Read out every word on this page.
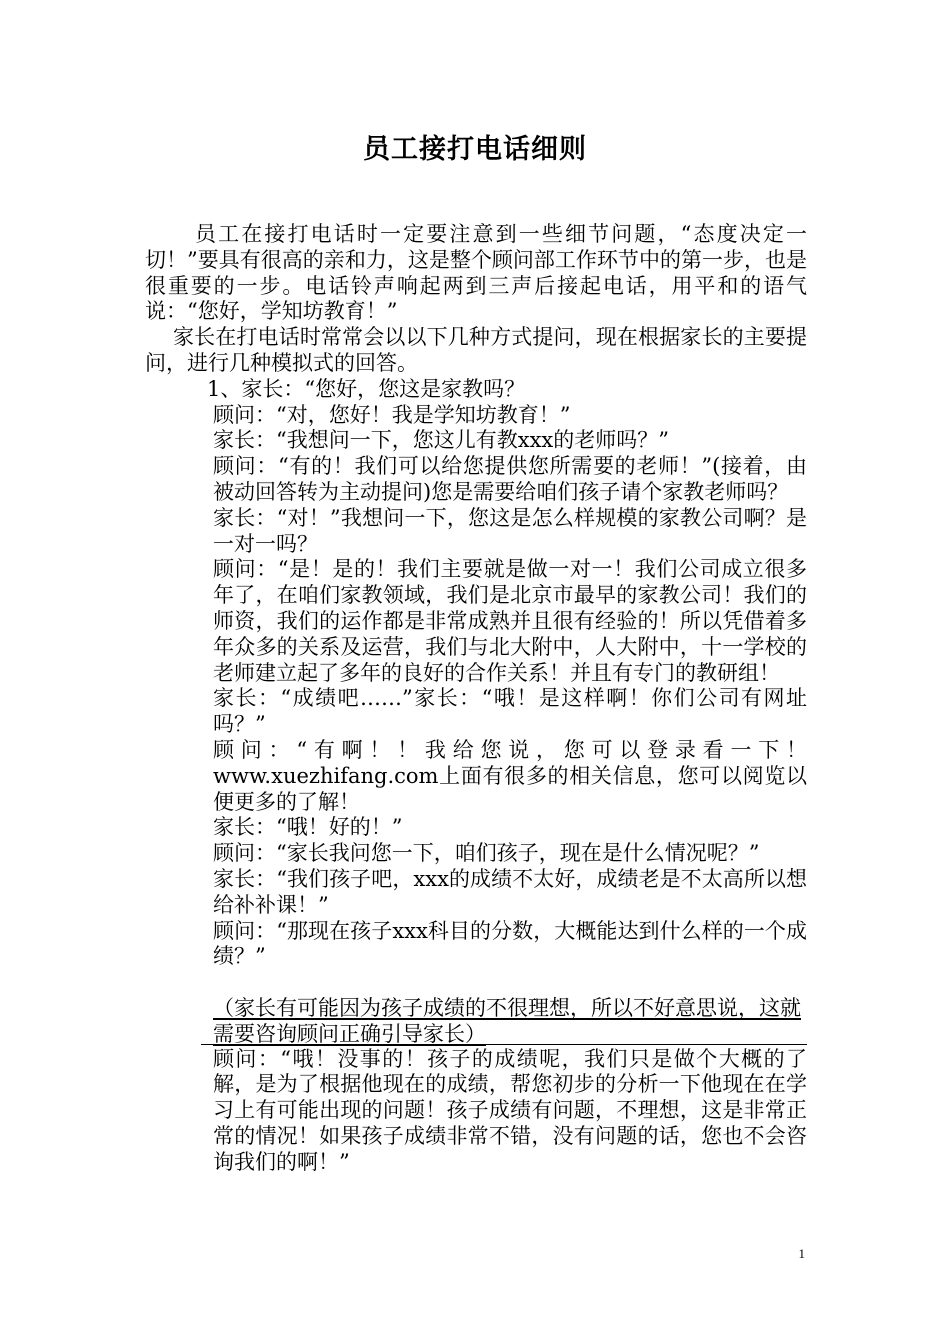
员工接打电话细则

员工在接打电话时一定要注意到一些细节问题，“态度决定一切！”要具有很高的亲和力，这是整个顾问部工作环节中的第一步，也是很重要的一步。电话铃声响起两到三声后接起电话，用平和的语气说：“您好，学知坊教育！”

家长在打电话时常常会以以下几种方式提问，现在根据家长的主要提问，进行几种模拟式的回答。

1、家长：“您好，您这是家教吗？

顾问：“对，您好！我是学知坊教育！”

家长：“我想问一下，您这儿有教xxx的老师吗？”

顾问：“有的！我们可以给您提供您所需要的老师！”(接着，由被动回答转为主动提问)您是需要给咱们孩子请个家教老师吗？

家长：“对！”我想问一下，您这是怎么样规模的家教公司啊？是一对一吗？

顾问：“是！是的！我们主要就是做一对一！我们公司成立很多年了，在咱们家教领域，我们是北京市最早的家教公司！我们的师资，我们的运作都是非常成熟并且很有经验的！所以凭借着多年众多的关系及运营，我们与北大附中，人大附中，十一学校的老师建立起了多年的良好的合作关系！并且有专门的教研组！

家长：“成绩吧……”家长：“哦！是这样啊！你们公司有网址吗？”

顾问：“有啊！！我给您说，您可以登录看一下！www.xuezhifang.com上面有很多的相关信息，您可以阅览以便更多的了解！

家长：“哦！好的！”

顾问：“家长我问您一下，咱们孩子，现在是什么情况呢？”

家长：“我们孩子吧，xxx的成绩不太好，成绩老是不太高所以想给补补课！”

顾问：“那现在孩子xxx科目的分数，大概能达到什么样的一个成绩？”

（家长有可能因为孩子成绩的不很理想，所以不好意思说，这就需要咨询顾问正确引导家长）

顾问：“哦！没事的！孩子的成绩呢，我们只是做个大概的了解，是为了根据他现在的成绩，帮您初步的分析一下他现在在学习上有可能出现的问题！孩子成绩有问题，不理想，这是非常正常的情况！如果孩子成绩非常不错，没有问题的话，您也不会咨询我们的啊！”

1
